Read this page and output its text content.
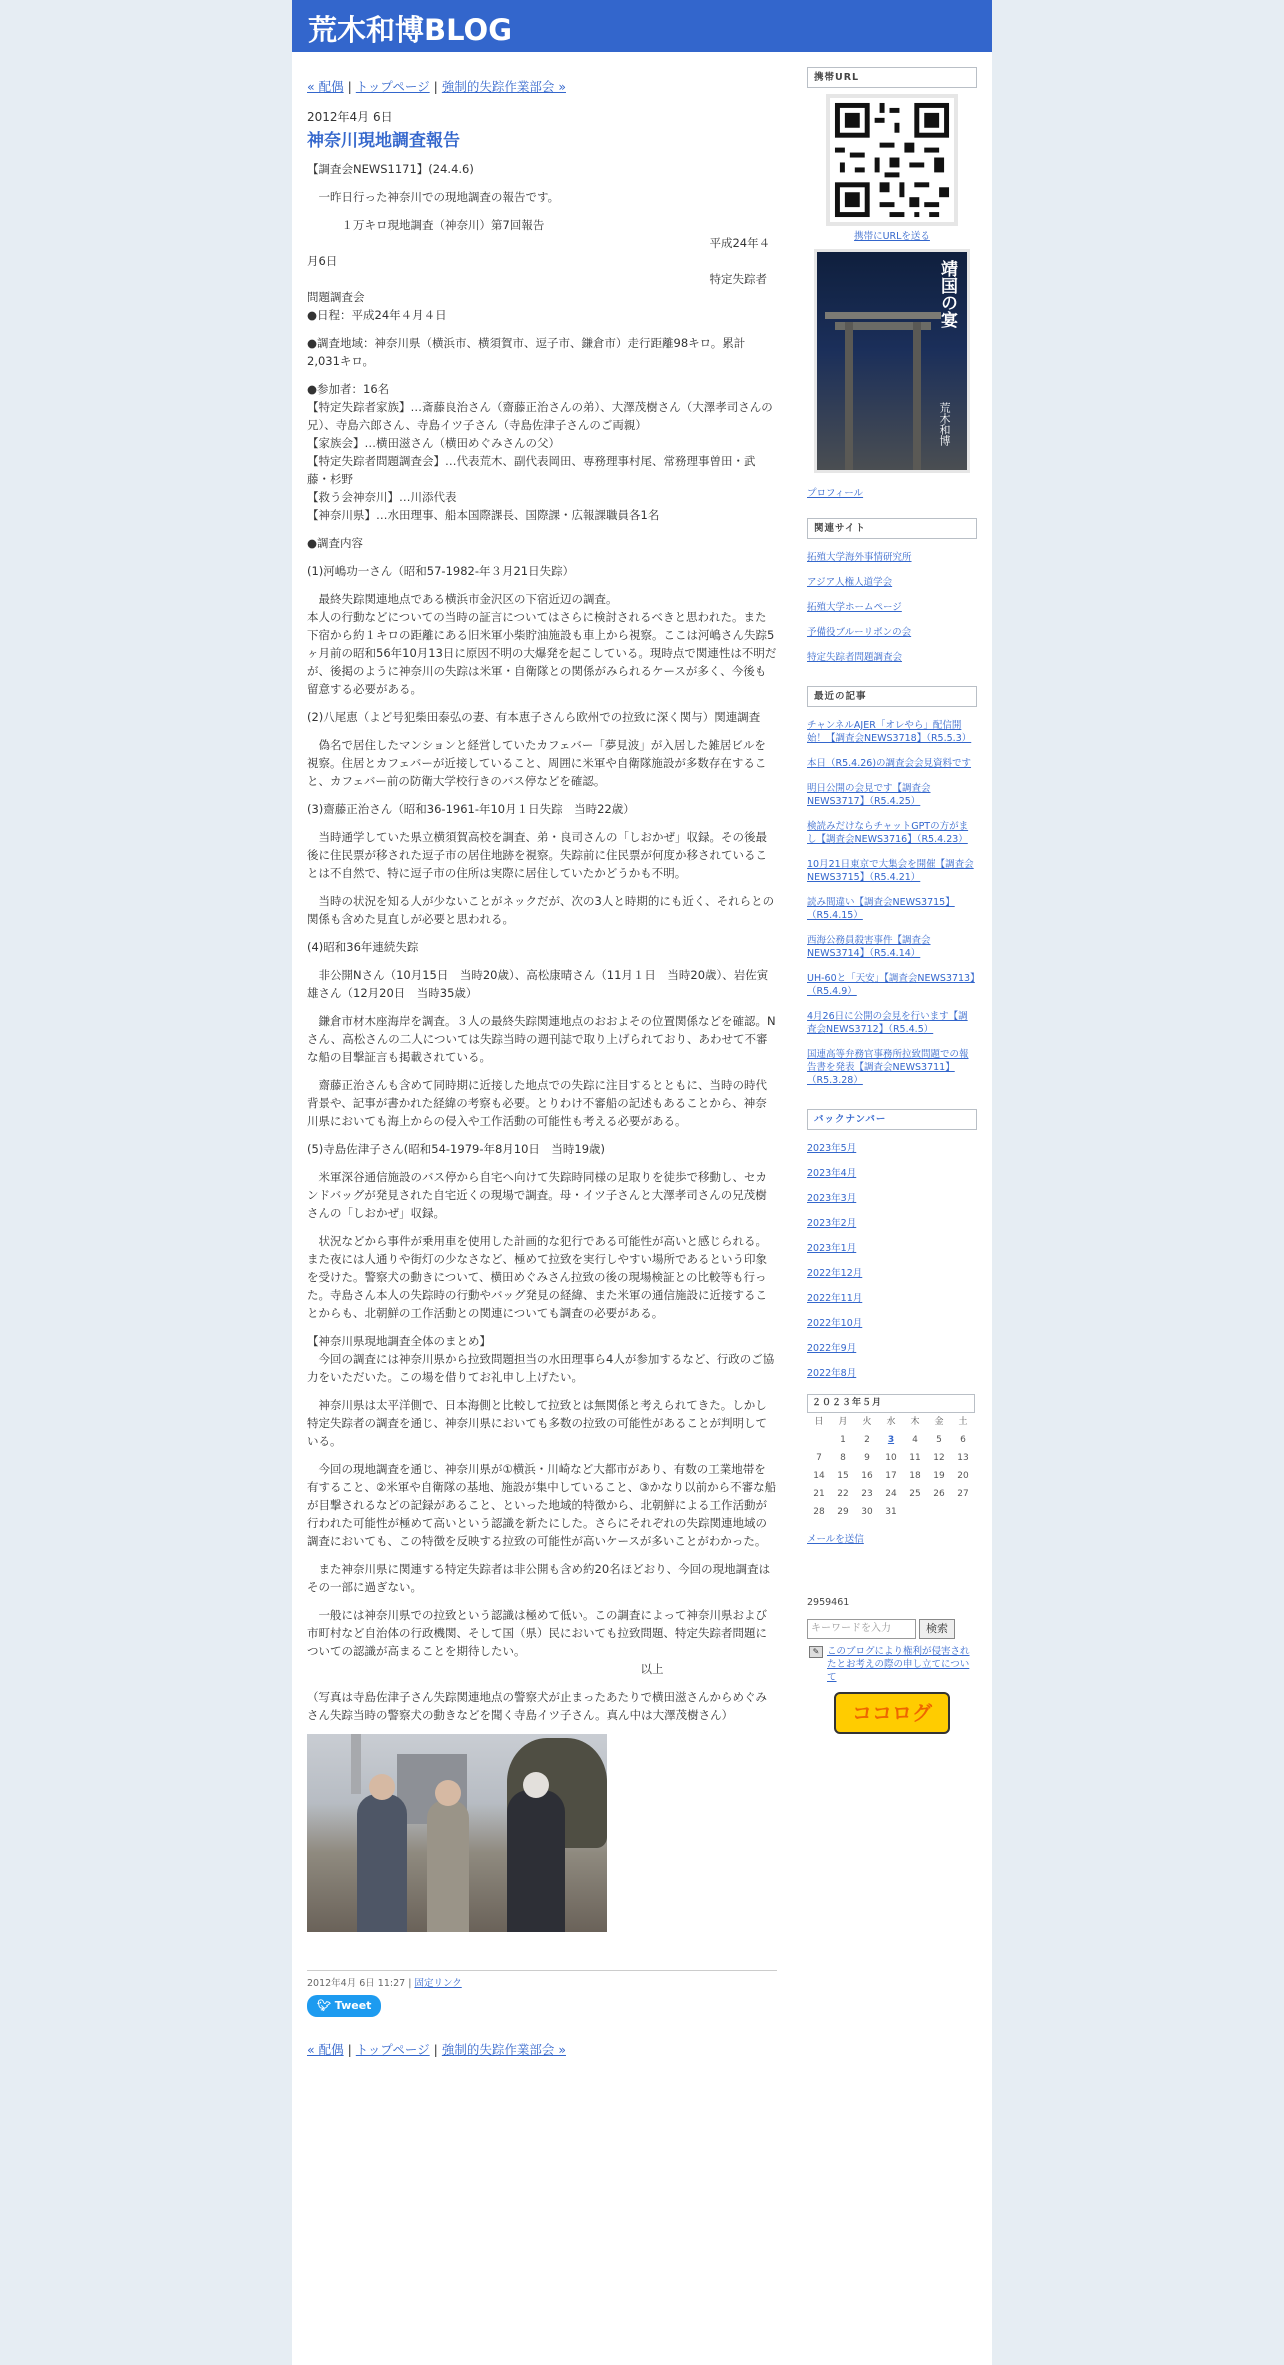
荒木和博BLOG
« 配偶 | トップページ | 強制的失踪作業部会 »
2012年4月 6日
神奈川現地調査報告

【調査会NEWS1171】(24.4.6)

一昨日行った神奈川での現地調査の報告です。

　　　１万キロ現地調査（神奈川）第7回報告
　　　　　　　　　　　　　　　　　　　　　　　　　　　　　　　　　　　平成24年４月6日
　　　　　　　　　　　　　　　　　　　　　　　　　　　　　　　　　　　特定失踪者問題調査会
●日程：平成24年４月４日

●調査地域：神奈川県（横浜市、横須賀市、逗子市、鎌倉市）走行距離98キロ。累計2,031キロ。

●参加者：16名
【特定失踪者家族】…斎藤良治さん（齋藤正治さんの弟）、大澤茂樹さん（大澤孝司さんの兄）、寺島六郎さん、寺島イツ子さん（寺島佐津子さんのご両親）
【家族会】…横田滋さん（横田めぐみさんの父）
【特定失踪者問題調査会】…代表荒木、副代表岡田、専務理事村尾、常務理事曽田・武藤・杉野
【救う会神奈川】…川添代表
【神奈川県】…水田理事、船本国際課長、国際課・広報課職員各1名

●調査内容

(1)河嶋功一さん（昭和57-1982-年３月21日失踪）

最終失踪関連地点である横浜市金沢区の下宿近辺の調査。
本人の行動などについての当時の証言についてはさらに検討されるべきと思われた。また下宿から約１キロの距離にある旧米軍小柴貯油施設も車上から視察。ここは河嶋さん失踪5ヶ月前の昭和56年10月13日に原因不明の大爆発を起こしている。現時点で関連性は不明だが、後掲のように神奈川の失踪は米軍・自衛隊との関係がみられるケースが多く、今後も留意する必要がある。

(2)八尾恵（よど号犯柴田泰弘の妻、有本恵子さんら欧州での拉致に深く関与）関連調査

偽名で居住したマンションと経営していたカフェバー「夢見波」が入居した雑居ビルを視察。住居とカフェバーが近接していること、周囲に米軍や自衛隊施設が多数存在すること、カフェバー前の防衛大学校行きのバス停などを確認。

(3)齋藤正治さん（昭和36-1961-年10月１日失踪　当時22歳）

当時通学していた県立横須賀高校を調査、弟・良司さんの「しおかぜ」収録。その後最後に住民票が移された逗子市の居住地跡を視察。失踪前に住民票が何度か移されていることは不自然で、特に逗子市の住所は実際に居住していたかどうかも不明。

当時の状況を知る人が少ないことがネックだが、次の3人と時期的にも近く、それらとの関係も含めた見直しが必要と思われる。

(4)昭和36年連続失踪

非公開Nさん（10月15日　当時20歳）、高松康晴さん（11月１日　当時20歳）、岩佐寅雄さん（12月20日　当時35歳）

鎌倉市材木座海岸を調査。３人の最終失踪関連地点のおおよその位置関係などを確認。Nさん、高松さんの二人については失踪当時の週刊誌で取り上げられており、あわせて不審な船の目撃証言も掲載されている。

齋藤正治さんも含めて同時期に近接した地点での失踪に注目するとともに、当時の時代背景や、記事が書かれた経緯の考察も必要。とりわけ不審船の記述もあることから、神奈川県においても海上からの侵入や工作活動の可能性も考える必要がある。

(5)寺島佐津子さん(昭和54-1979-年8月10日　当時19歳)

米軍深谷通信施設のバス停から自宅へ向けて失踪時同様の足取りを徒歩で移動し、セカンドバッグが発見された自宅近くの現場で調査。母・イツ子さんと大澤孝司さんの兄茂樹さんの「しおかぜ」収録。

状況などから事件が乗用車を使用した計画的な犯行である可能性が高いと感じられる。また夜には人通りや街灯の少なさなど、極めて拉致を実行しやすい場所であるという印象を受けた。警察犬の動きについて、横田めぐみさん拉致の後の現場検証との比較等も行った。寺島さん本人の失踪時の行動やバッグ発見の経緯、また米軍の通信施設に近接することからも、北朝鮮の工作活動との関連についても調査の必要がある。

【神奈川県現地調査全体のまとめ】
　今回の調査には神奈川県から拉致問題担当の水田理事ら4人が参加するなど、行政のご協力をいただいた。この場を借りてお礼申し上げたい。

神奈川県は太平洋側で、日本海側と比較して拉致とは無関係と考えられてきた。しかし特定失踪者の調査を通じ、神奈川県においても多数の拉致の可能性があることが判明している。

今回の現地調査を通じ、神奈川県が①横浜・川崎など大都市があり、有数の工業地帯を有すること、②米軍や自衛隊の基地、施設が集中していること、③かなり以前から不審な船が目撃されるなどの記録があること、といった地域的特徴から、北朝鮮による工作活動が行われた可能性が極めて高いという認識を新たにした。さらにそれぞれの失踪関連地域の調査においても、この特徴を反映する拉致の可能性が高いケースが多いことがわかった。

また神奈川県に関連する特定失踪者は非公開も含め約20名ほどおり、今回の現地調査はその一部に過ぎない。

一般には神奈川県での拉致という認識は極めて低い。この調査によって神奈川県および市町村など自治体の行政機関、そして国（県）民においても拉致問題、特定失踪者問題についての認識が高まることを期待したい。
　　　　　　　　　　　　　　　　　　　　　　　　　　　　　以上

（写真は寺島佐津子さん失踪関連地点の警察犬が止まったあたりで横田滋さんからめぐみさん失踪当時の警察犬の動きなどを聞く寺島イツ子さん。真ん中は大澤茂樹さん）

2012年4月 6日 11:27 | 固定リンク
🐦︎ Tweet
« 配偶 | トップページ | 強制的失踪作業部会 »
携帯URL
携帯にURLを送る
靖国の宴
荒木和博
プロフィール
関連サイト
拓殖大学海外事情研究所
アジア人権人道学会
拓殖大学ホームページ
予備役ブルーリボンの会
特定失踪者問題調査会
最近の記事
チャンネルAJER「オレやら」配信開始！【調査会NEWS3718】（R5.5.3）
本日（R5.4.26)の調査会会見資料です
明日公開の会見です【調査会NEWS3717】（R5.4.25）
検読みだけならチャットGPTの方がまし【調査会NEWS3716】（R5.4.23）
10月21日東京で大集会を開催【調査会NEWS3715】（R5.4.21）
読み間違い【調査会NEWS3715】（R5.4.15）
西海公務員殺害事件【調査会NEWS3714】（R5.4.14）
UH-60と「天安」【調査会NEWS3713】（R5.4.9）
4月26日に公開の会見を行います【調査会NEWS3712】（R5.4.5）
国連高等弁務官事務所拉致問題での報告書を発表【調査会NEWS3711】（R5.3.28）
バックナンバー
2023年5月
2023年4月
2023年3月
2023年2月
2023年1月
2022年12月
2022年11月
2022年10月
2022年9月
2022年8月
２０２３年５月
日	月	火	水	木	金	土
	1	2	3	4	5	6
7	8	9	10	11	12	13
14	15	16	17	18	19	20
21	22	23	24	25	26	27
28	29	30	31			
メールを送信
2959461
キーワードを入力	検索
✎ このブログにより権利が侵害されたとお考えの際の申し立てについて
ココログ
